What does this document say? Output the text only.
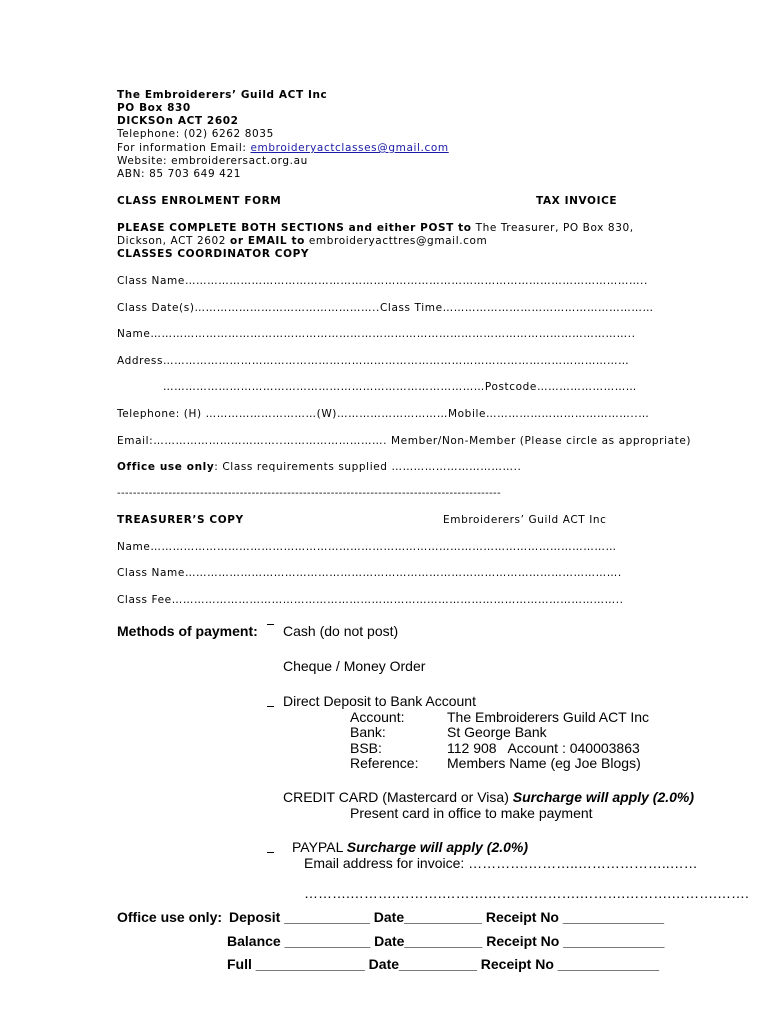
The Embroiderers’ Guild ACT Inc
PO Box 830
DICKSOn ACT 2602
Telephone: (02) 6262 8035
For information Email: embroideryactclasses@gmail.com
Website: embroiderersact.org.au
ABN: 85 703 649 421
CLASS ENROLMENT FORM	TAX INVOICE
PLEASE COMPLETE BOTH SECTIONS and either POST to The Treasurer, PO Box 830,
Dickson, ACT 2602 or EMAIL to embroideryacttres@gmail.com
CLASSES COORDINATOR COPY
Class Name……………………………………………………………………………………………………………..
Class Date(s)…………………………………………..Class Time…………………………………………………
Name…………………………………………………………………………………………………………………..
Address………………………………………………………………………………………………………………
……………………………………………………………………………Postcode………………………
Telephone: (H) …………………………(W)…………………………Mobile…………………………………..…
Email:……………………………..………………………. Member/Non-Member (Please circle as appropriate)
Office use only: Class requirements supplied ……………………………..
-------------------------------------------------------------------------------------------------
TREASURER’S COPY	Embroiderers’ Guild ACT Inc
Name………………………………………………………………………………………………………………
Class Name……………………………………………………………………………………………………….
Class Fee…………………………………………………………………………………………………………..
Methods of payment: Cash (do not post)
Cheque / Money Order
Direct Deposit to Bank Account
Account:	The Embroiderers Guild ACT Inc
Bank:	St George Bank
BSB:	112 908   Account : 040003863
Reference: Members Name (eg Joe Blogs)
CREDIT CARD (Mastercard or Visa) Surcharge will apply (2.0%)
Present card in office to make payment
PAYPAL Surcharge will apply (2.0%)
Email address for invoice: ………….………..………………..……
……….……….……….……….……….……….……….……….……….…….
Office use only: Deposit ___________ Date__________ Receipt No _____________
Balance ___________ Date__________ Receipt No _____________
Full ______________ Date__________ Receipt No _____________
